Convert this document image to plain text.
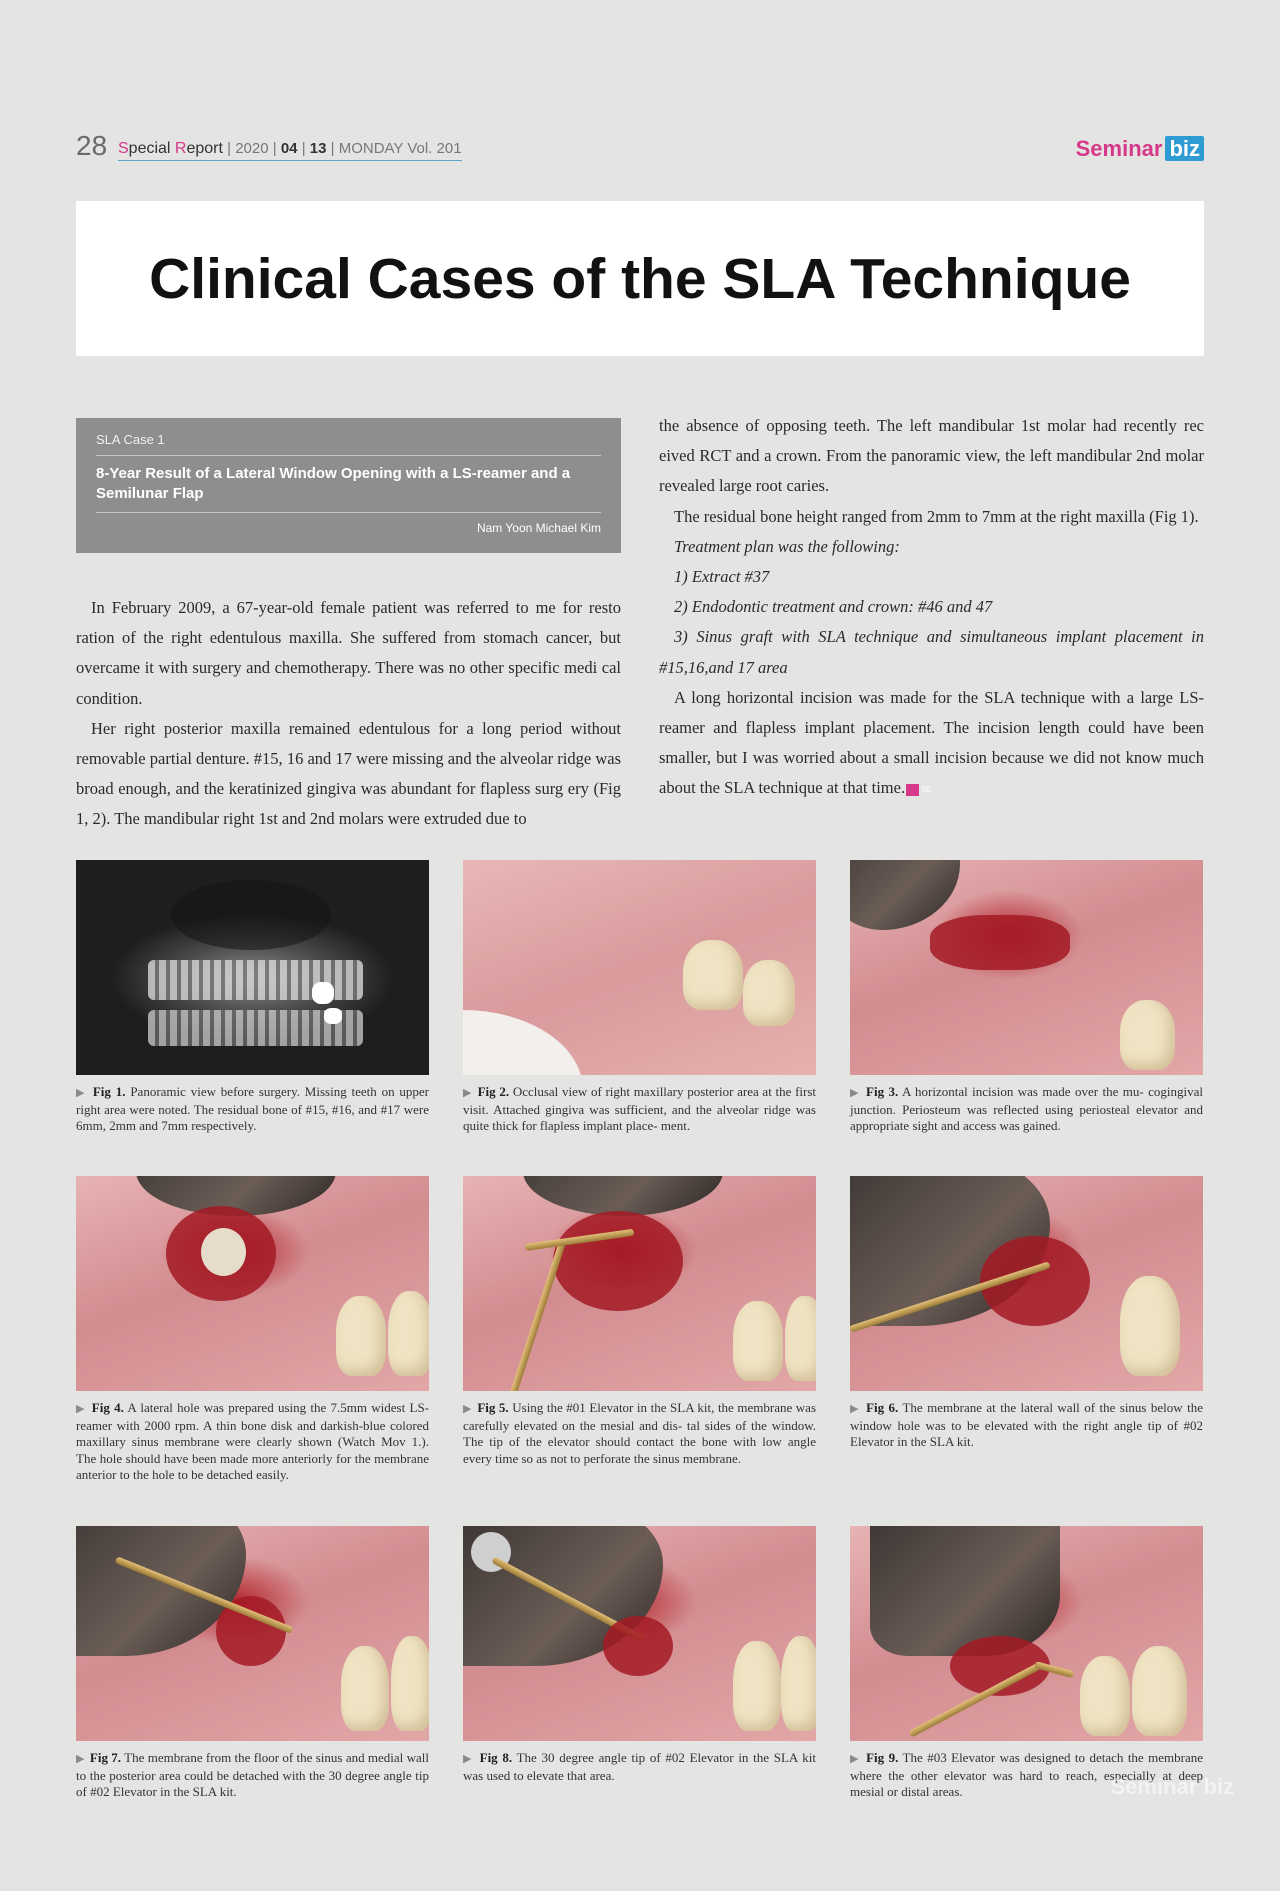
28 Special Report | 2020 | 04 | 13 | MONDAY Vol. 201	Seminar biz
Clinical Cases of the SLA Technique
SLA Case 1
8-Year Result of a Lateral Window Opening with a LS-reamer and a Semilunar Flap
Nam Yoon Michael Kim

In February 2009, a 67-year-old female patient was referred to me for resto ration of the right edentulous maxilla. She suffered from stomach cancer, but overcame it with surgery and chemotherapy. There was no other specific medi cal condition.

Her right posterior maxilla remained edentulous for a long period without removable partial denture. #15, 16 and 17 were missing and the alveolar ridge was broad enough, and the keratinized gingiva was abundant for flapless surg ery (Fig 1, 2). The mandibular right 1st and 2nd molars were extruded due to

the absence of opposing teeth. The left mandibular 1st molar had recently rec eived RCT and a crown. From the panoramic view, the left mandibular 2nd molar revealed large root caries.

The residual bone height ranged from 2mm to 7mm at the right maxilla (Fig 1).

Treatment plan was the following:

1) Extract #37

2) Endodontic treatment and crown: #46 and 47

3) Sinus graft with SLA technique and simultaneous implant placement in #15,16,and 17 area

A long horizontal incision was made for the SLA technique with a large LS-reamer and flapless implant placement. The incision length could have been smaller, but I was worried about a small incision because we did not know much about the SLA technique at that time. SE

▶ Fig 1. Panoramic view before surgery. Missing teeth on upper right area were noted. The residual bone of #15, #16, and #17 were 6mm, 2mm and 7mm respectively.

▶ Fig 2. Occlusal view of right maxillary posterior area at the first visit. Attached gingiva was sufficient, and the alveolar ridge was quite thick for flapless implant place- ment.

▶ Fig 3. A horizontal incision was made over the mu- cogingival junction. Periosteum was reflected using periosteal elevator and appropriate sight and access was gained.

▶ Fig 4. A lateral hole was prepared using the 7.5mm widest LS-reamer with 2000 rpm. A thin bone disk and darkish-blue colored maxillary sinus membrane were clearly shown (Watch Mov 1.). The hole should have been made more anteriorly for the membrane anterior to the hole to be detached easily.

▶ Fig 5. Using the #01 Elevator in the SLA kit, the membrane was carefully elevated on the mesial and dis- tal sides of the window. The tip of the elevator should contact the bone with low angle every time so as not to perforate the sinus membrane.

▶ Fig 6. The membrane at the lateral wall of the sinus below the window hole was to be elevated with the right angle tip of #02 Elevator in the SLA kit.

▶ Fig 7. The membrane from the floor of the sinus and medial wall to the posterior area could be detached with the 30 degree angle tip of #02 Elevator in the SLA kit.

▶ Fig 8. The 30 degree angle tip of #02 Elevator in the SLA kit was used to elevate that area.

▶ Fig 9. The #03 Elevator was designed to detach the membrane where the other elevator was hard to reach, especially at deep mesial or distal areas.	Seminar biz
